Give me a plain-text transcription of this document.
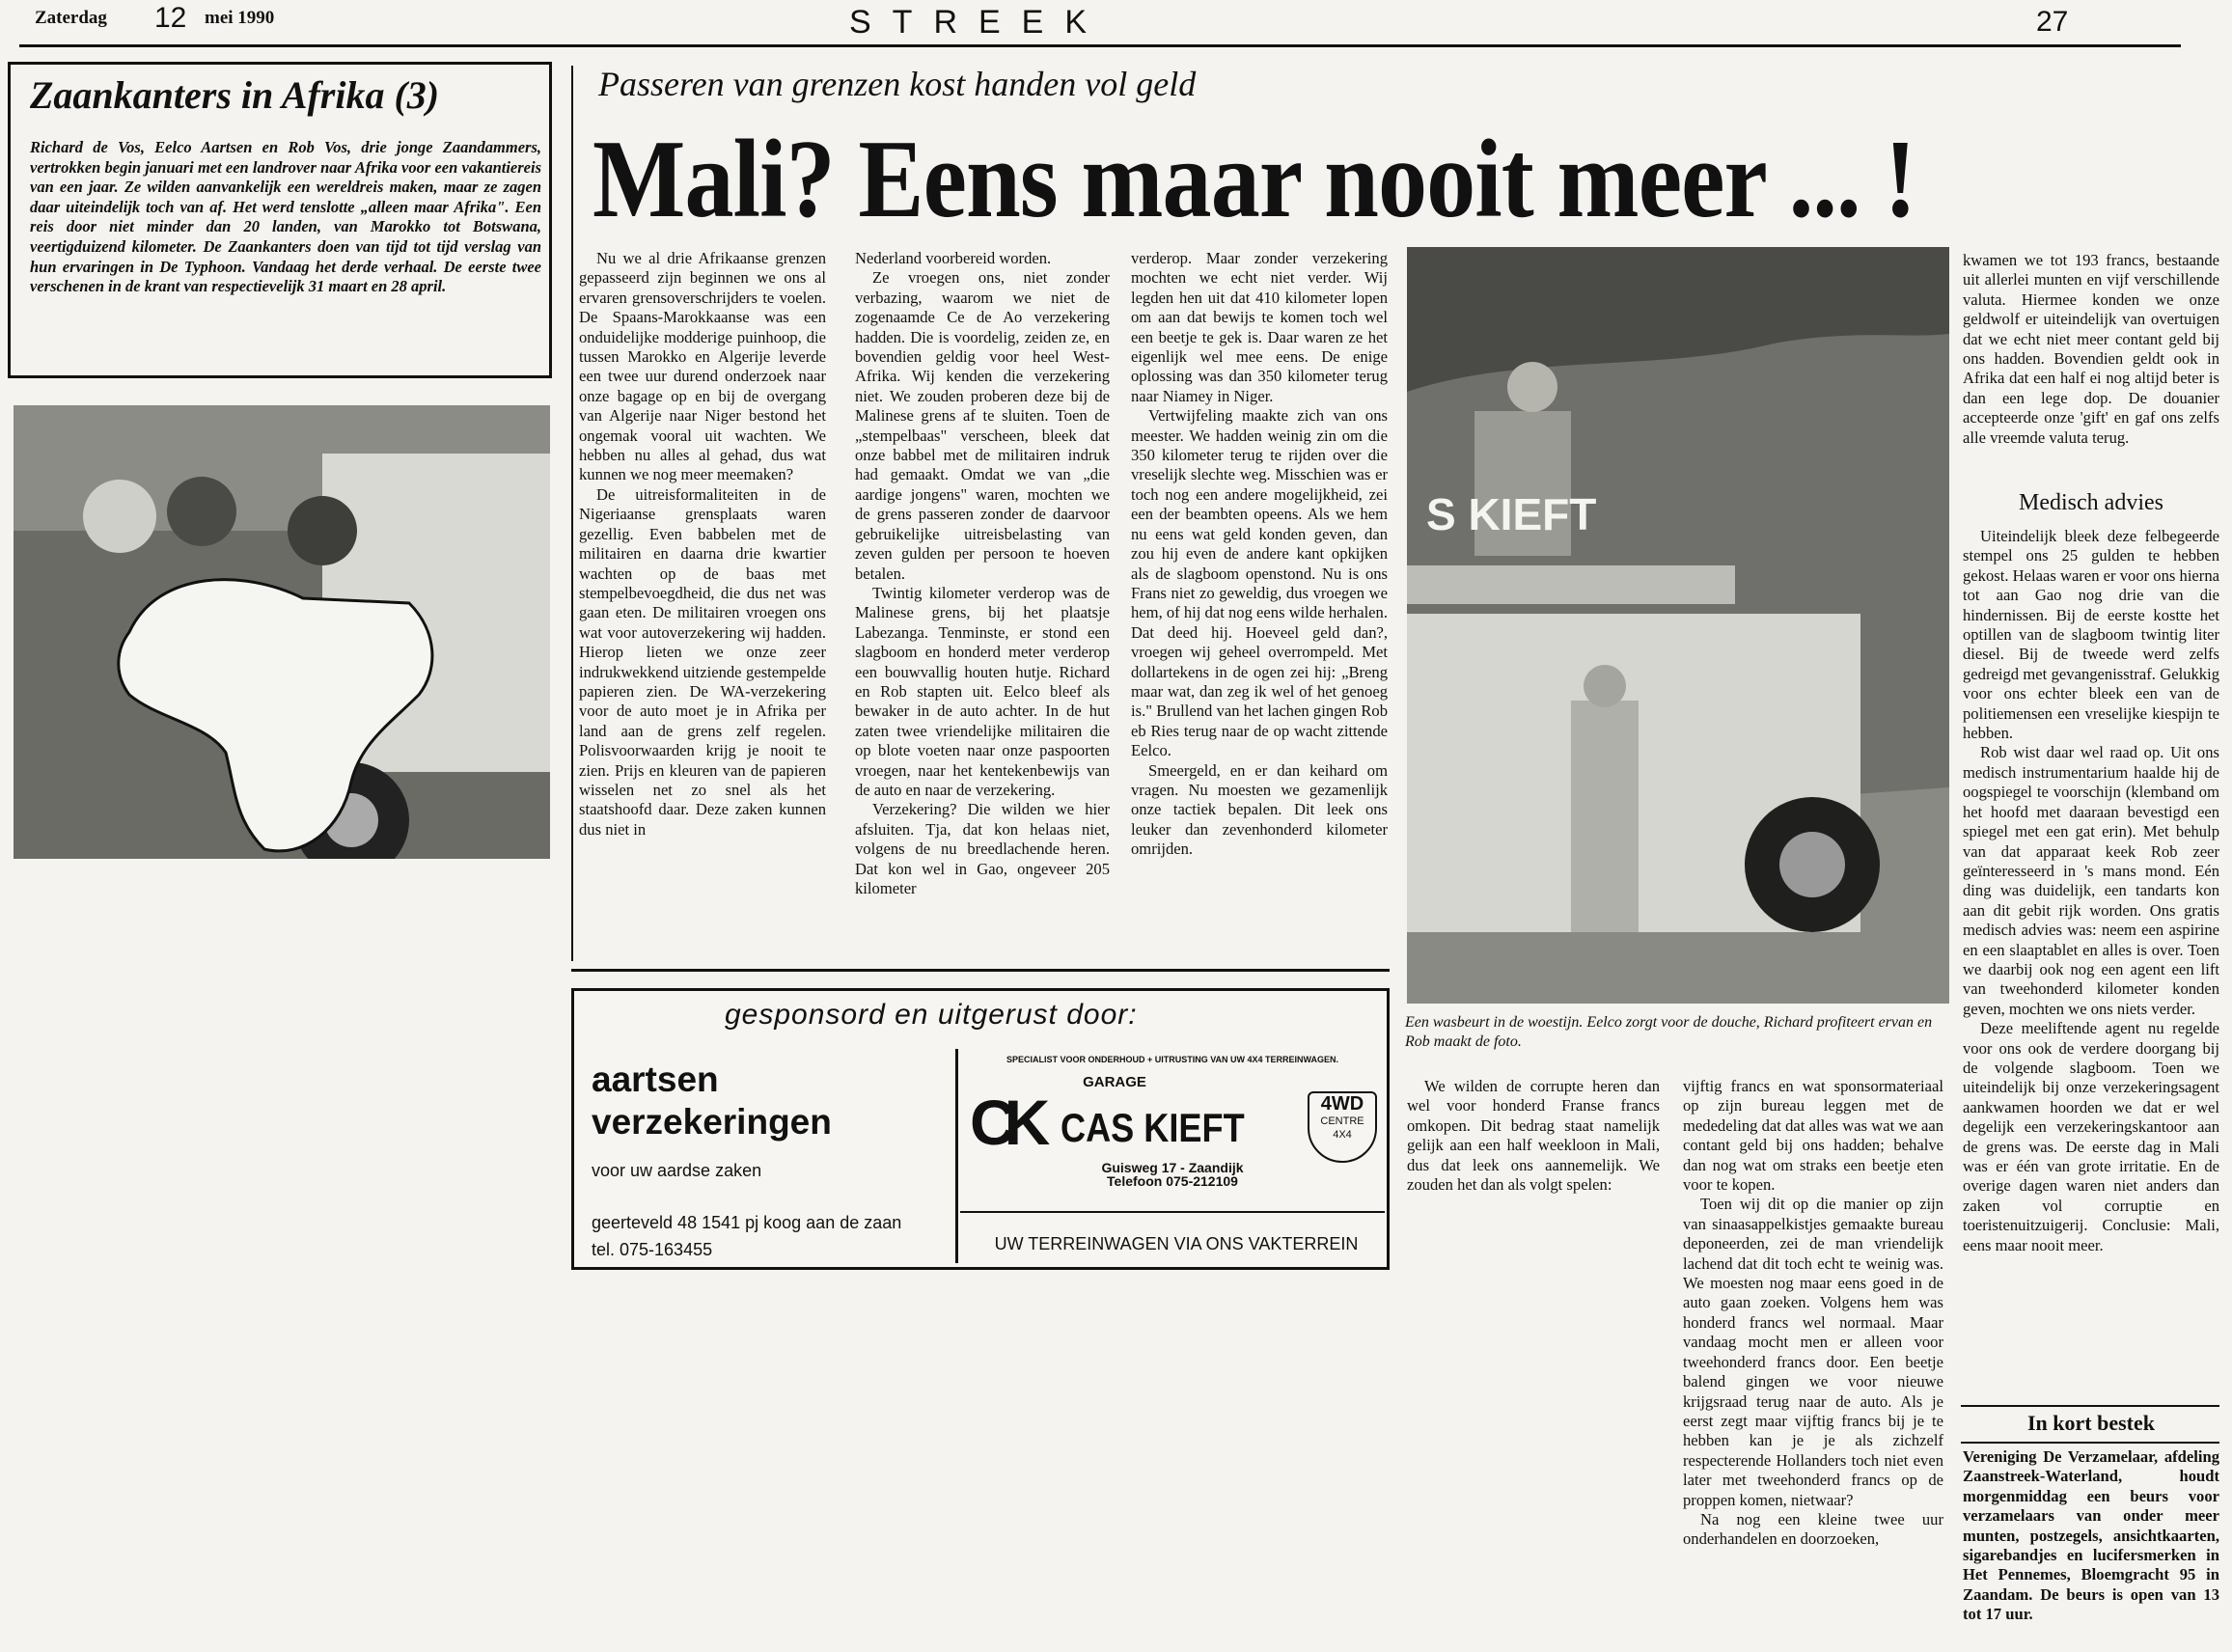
Zaterdag 12 mei 1990	STREEK	27
Zaankanters in Afrika (3)
Richard de Vos, Eelco Aartsen en Rob Vos, drie jonge Zaandammers, vertrokken begin januari met een landrover naar Afrika voor een vakantiereis van een jaar. Ze wilden aanvankelijk een wereldreis maken, maar ze zagen daar uiteindelijk toch van af. Het werd tenslotte „alleen maar Afrika". Een reis door niet minder dan 20 landen, van Marokko tot Botswana, veertigduizend kilometer. De Zaankanters doen van tijd tot tijd verslag van hun ervaringen in De Typhoon. Vandaag het derde verhaal. De eerste twee verschenen in de krant van respectievelijk 31 maart en 28 april.
Passeren van grenzen kost handen vol geld
Mali? Eens maar nooit meer ... !

Nu we al drie Afrikaanse grenzen gepasseerd zijn beginnen we ons al ervaren grensoverschrijders te voelen. De Spaans-Marokkaanse was een onduidelijke modderige puinhoop, die tussen Marokko en Algerije leverde een twee uur durend onderzoek naar onze bagage op en bij de overgang van Algerije naar Niger bestond het ongemak vooral uit wachten. We hebben nu alles al gehad, dus wat kunnen we nog meer meemaken?

De uitreisformaliteiten in de Nigeriaanse grensplaats waren gezellig. Even babbelen met de militairen en daarna drie kwartier wachten op de baas met stempelbevoegdheid, die dus net was gaan eten. De militairen vroegen ons wat voor autoverzekering wij hadden. Hierop lieten we onze zeer indrukwekkend uitziende gestempelde papieren zien. De WA-verzekering voor de auto moet je in Afrika per land aan de grens zelf regelen. Polisvoorwaarden krijg je nooit te zien. Prijs en kleuren van de papieren wisselen net zo snel als het staatshoofd daar. Deze zaken kunnen dus niet in

Nederland voorbereid worden.

Ze vroegen ons, niet zonder verbazing, waarom we niet de zogenaamde Ce de Ao verzekering hadden. Die is voordelig, zeiden ze, en bovendien geldig voor heel West-Afrika. Wij kenden die verzekering niet. We zouden proberen deze bij de Malinese grens af te sluiten. Toen de „stempelbaas" verscheen, bleek dat onze babbel met de militairen indruk had gemaakt. Omdat we van „die aardige jongens" waren, mochten we de grens passeren zonder de daarvoor gebruikelijke uitreisbelasting van zeven gulden per persoon te hoeven betalen.

Twintig kilometer verderop was de Malinese grens, bij het plaatsje Labezanga. Tenminste, er stond een slagboom en honderd meter verderop een bouwvallig houten hutje. Richard en Rob stapten uit. Eelco bleef als bewaker in de auto achter. In de hut zaten twee vriendelijke militairen die op blote voeten naar onze paspoorten vroegen, naar het kentekenbewijs van de auto en naar de verzekering.

Verzekering? Die wilden we hier afsluiten. Tja, dat kon helaas niet, volgens de nu breedlachende heren. Dat kon wel in Gao, ongeveer 205 kilometer

verderop. Maar zonder verzekering mochten we echt niet verder. Wij legden hen uit dat 410 kilometer lopen om aan dat bewijs te komen toch wel een beetje te gek is. Daar waren ze het eigenlijk wel mee eens. De enige oplossing was dan 350 kilometer terug naar Niamey in Niger.

Vertwijfeling maakte zich van ons meester. We hadden weinig zin om die 350 kilometer terug te rijden over die vreselijk slechte weg. Misschien was er toch nog een andere mogelijkheid, zei een der beambten opeens. Als we hem nu eens wat geld konden geven, dan zou hij even de andere kant opkijken als de slagboom openstond. Nu is ons Frans niet zo geweldig, dus vroegen we hem, of hij dat nog eens wilde herhalen. Dat deed hij. Hoeveel geld dan?, vroegen wij geheel overrompeld. Met dollartekens in de ogen zei hij: „Breng maar wat, dan zeg ik wel of het genoeg is." Brullend van het lachen gingen Rob eb Ries terug naar de op wacht zittende Eelco.

Smeergeld, en er dan keihard om vragen. Nu moesten we gezamenlijk onze tactiek bepalen. Dit leek ons leuker dan zevenhonderd kilometer omrijden.

S KIEFT
Een wasbeurt in de woestijn. Eelco zorgt voor de douche, Richard profiteert ervan en Rob maakt de foto.

We wilden de corrupte heren dan wel voor honderd Franse francs omkopen. Dit bedrag staat namelijk gelijk aan een half weekloon in Mali, dus dat leek ons aannemelijk. We zouden het dan als volgt spelen:

vijftig francs en wat sponsormateriaal op zijn bureau leggen met de mededeling dat dat alles was wat we aan contant geld bij ons hadden; behalve dan nog wat om straks een beetje eten voor te kopen.

Toen wij dit op die manier op zijn van sinaasappelkistjes gemaakte bureau deponeerden, zei de man vriendelijk lachend dat dit toch echt te weinig was. We moesten nog maar eens goed in de auto gaan zoeken. Volgens hem was honderd francs wel normaal. Maar vandaag mocht men er alleen voor tweehonderd francs door. Een beetje balend gingen we voor nieuwe krijgsraad terug naar de auto. Als je eerst zegt maar vijftig francs bij je te hebben kan je je als zichzelf respecterende Hollanders toch niet even later met tweehonderd francs op de proppen komen, nietwaar?

Na nog een kleine twee uur onderhandelen en doorzoeken,

kwamen we tot 193 francs, bestaande uit allerlei munten en vijf verschillende valuta. Hiermee konden we onze geldwolf er uiteindelijk van overtuigen dat we echt niet meer contant geld bij ons hadden. Bovendien geldt ook in Afrika dat een half ei nog altijd beter is dan een lege dop. De douanier accepteerde onze 'gift' en gaf ons zelfs alle vreemde valuta terug.

Medisch advies

Uiteindelijk bleek deze felbegeerde stempel ons 25 gulden te hebben gekost. Helaas waren er voor ons hierna tot aan Gao nog drie van die hindernissen. Bij de eerste kostte het optillen van de slagboom twintig liter diesel. Bij de tweede werd zelfs gedreigd met gevangenisstraf. Gelukkig voor ons echter bleek een van de politiemensen een vreselijke kiespijn te hebben.

Rob wist daar wel raad op. Uit ons medisch instrumentarium haalde hij de oogspiegel te voorschijn (klemband om het hoofd met daaraan bevestigd een spiegel met een gat erin). Met behulp van dat apparaat keek Rob zeer geïnteresseerd in 's mans mond. Eén ding was duidelijk, een tandarts kon aan dit gebit rijk worden. Ons gratis medisch advies was: neem een aspirine en een slaaptablet en alles is over. Toen we daarbij ook nog een agent een lift van tweehonderd kilometer konden geven, mochten we ons niets verder.

Deze meeliftende agent nu regelde voor ons ook de verdere doorgang bij de volgende slagboom. Toen we uiteindelijk bij onze verzekeringsagent aankwamen hoorden we dat er wel degelijk een verzekeringskantoor aan de grens was. De eerste dag in Mali was er één van grote irritatie. En de overige dagen waren niet anders dan zaken vol corruptie en toeristenuitzuigerij. Conclusie: Mali, eens maar nooit meer.

In kort bestek

Vereniging De Verzamelaar, afdeling Zaanstreek-Waterland, houdt morgenmiddag een beurs voor verzamelaars van onder meer munten, postzegels, ansichtkaarten, sigarebandjes en lucifersmerken in Het Pennemes, Bloemgracht 95 in Zaandam. De beurs is open van 13 tot 17 uur.

gesponsord en uitgerust door:
aartsen
verzekeringen
voor uw aardse zaken
geerteveld 48 1541 pj koog aan de zaan
tel. 075-163455
SPECIALIST VOOR ONDERHOUD + UITRUSTING VAN UW 4X4 TERREINWAGEN.
GARAGE
CK CAS KIEFT
4WD
CENTRE
4X4
Guisweg 17 - Zaandijk
Telefoon 075-212109
UW TERREINWAGEN VIA ONS VAKTERREIN
